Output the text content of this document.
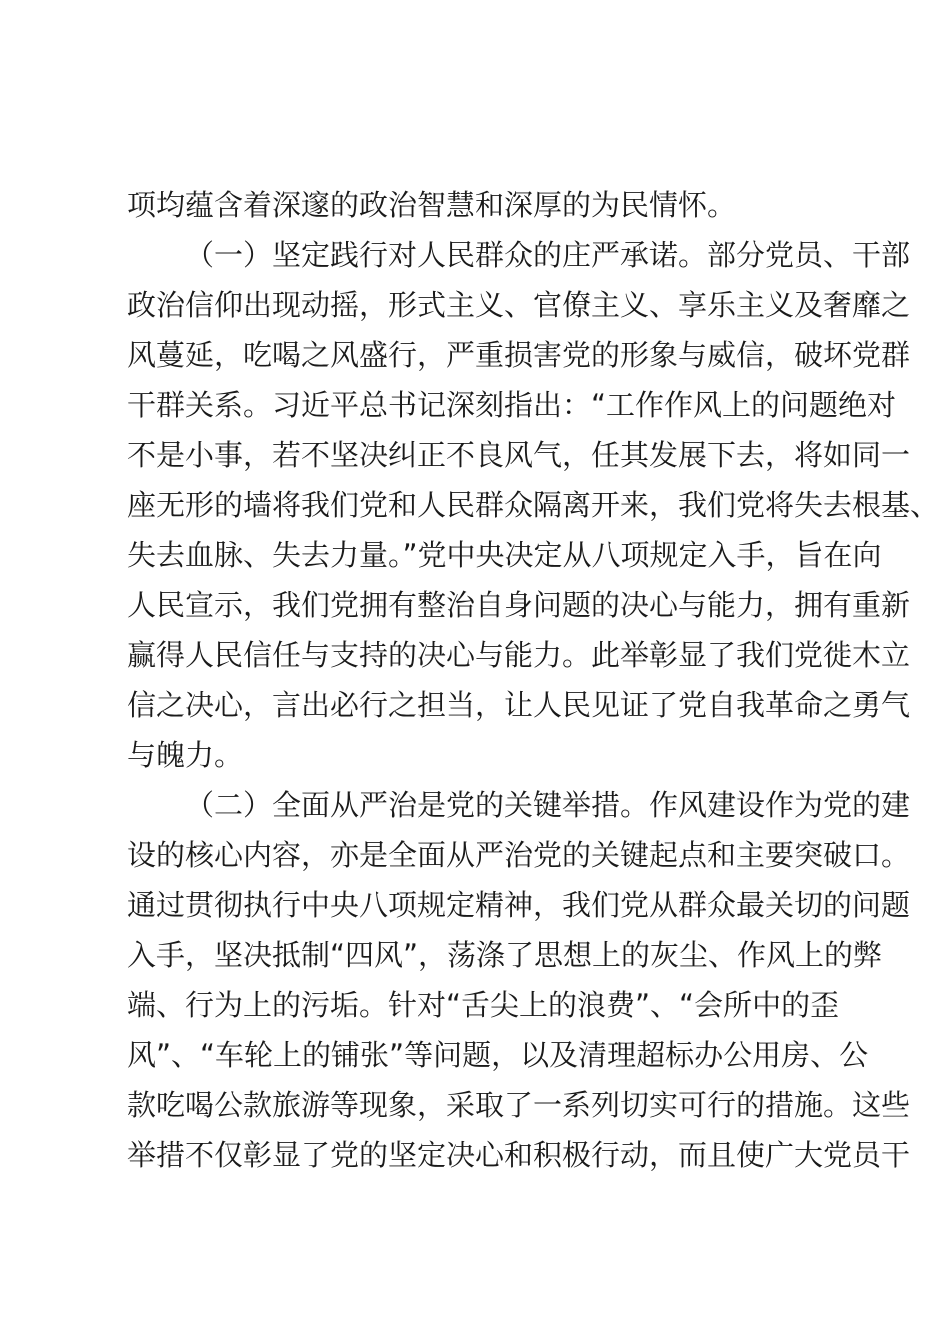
项均蕴含着深邃的政治智慧和深厚的为民情怀。
（一）坚定践行对人民群众的庄严承诺。部分党员、干部
政治信仰出现动摇，形式主义、官僚主义、享乐主义及奢靡之
风蔓延，吃喝之风盛行，严重损害党的形象与威信，破坏党群
干群关系。习近平总书记深刻指出：“工作作风上的问题绝对
不是小事，若不坚决纠正不良风气，任其发展下去，将如同一
座无形的墙将我们党和人民群众隔离开来，我们党将失去根基、
失去血脉、失去力量。”党中央决定从八项规定入手，旨在向
人民宣示，我们党拥有整治自身问题的决心与能力，拥有重新
赢得人民信任与支持的决心与能力。此举彰显了我们党徙木立
信之决心，言出必行之担当，让人民见证了党自我革命之勇气
与魄力。
（二）全面从严治是党的关键举措。作风建设作为党的建
设的核心内容，亦是全面从严治党的关键起点和主要突破口。
通过贯彻执行中央八项规定精神，我们党从群众最关切的问题
入手，坚决抵制“四风”，荡涤了思想上的灰尘、作风上的弊
端、行为上的污垢。针对“舌尖上的浪费”、“会所中的歪
风”、“车轮上的铺张”等问题，以及清理超标办公用房、公
款吃喝公款旅游等现象，采取了一系列切实可行的措施。这些
举措不仅彰显了党的坚定决心和积极行动，而且使广大党员干
